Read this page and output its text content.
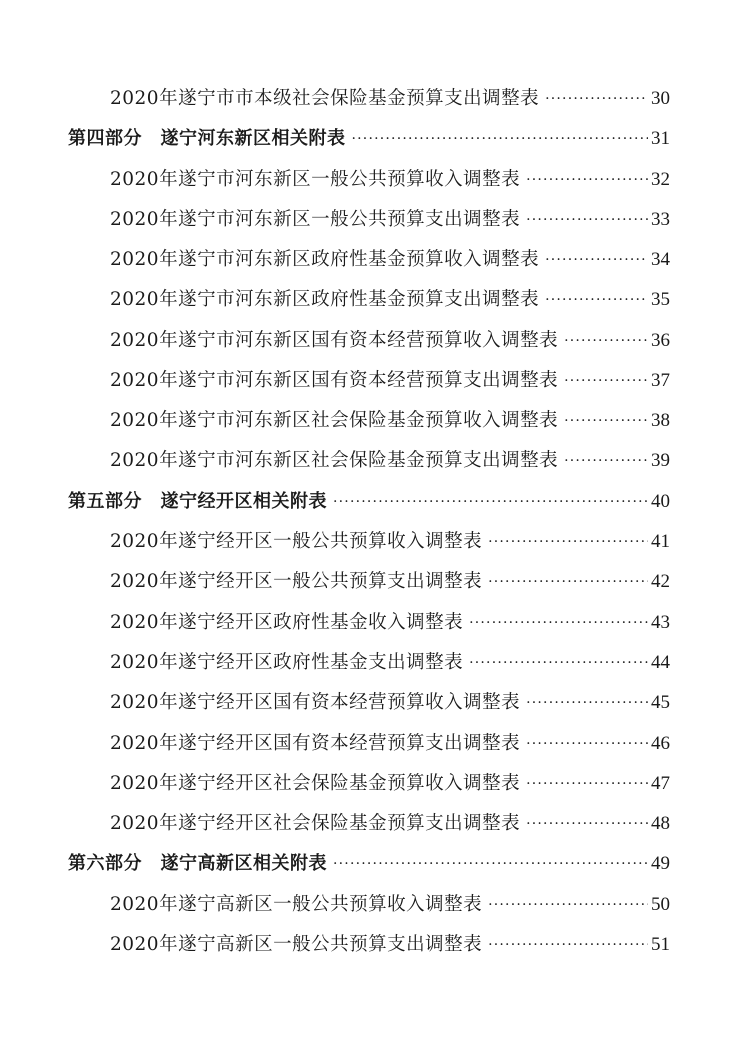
2020年遂宁市市本级社会保险基金预算支出调整表 ·····	30
第四部分　遂宁河东新区相关附表 ·····	31
2020年遂宁市河东新区一般公共预算收入调整表 ·····	32
2020年遂宁市河东新区一般公共预算支出调整表 ·····	33
2020年遂宁市河东新区政府性基金预算收入调整表 ·····	34
2020年遂宁市河东新区政府性基金预算支出调整表 ·····	35
2020年遂宁市河东新区国有资本经营预算收入调整表 ·····	36
2020年遂宁市河东新区国有资本经营预算支出调整表 ·····	37
2020年遂宁市河东新区社会保险基金预算收入调整表 ·····	38
2020年遂宁市河东新区社会保险基金预算支出调整表 ·····	39
第五部分　遂宁经开区相关附表 ·····	40
2020年遂宁经开区一般公共预算收入调整表 ·····	41
2020年遂宁经开区一般公共预算支出调整表 ·····	42
2020年遂宁经开区政府性基金收入调整表 ·····	43
2020年遂宁经开区政府性基金支出调整表 ·····	44
2020年遂宁经开区国有资本经营预算收入调整表 ·····	45
2020年遂宁经开区国有资本经营预算支出调整表 ·····	46
2020年遂宁经开区社会保险基金预算收入调整表 ·····	47
2020年遂宁经开区社会保险基金预算支出调整表 ·····	48
第六部分　遂宁高新区相关附表 ·····	49
2020年遂宁高新区一般公共预算收入调整表 ·····	50
2020年遂宁高新区一般公共预算支出调整表 ·····	51
